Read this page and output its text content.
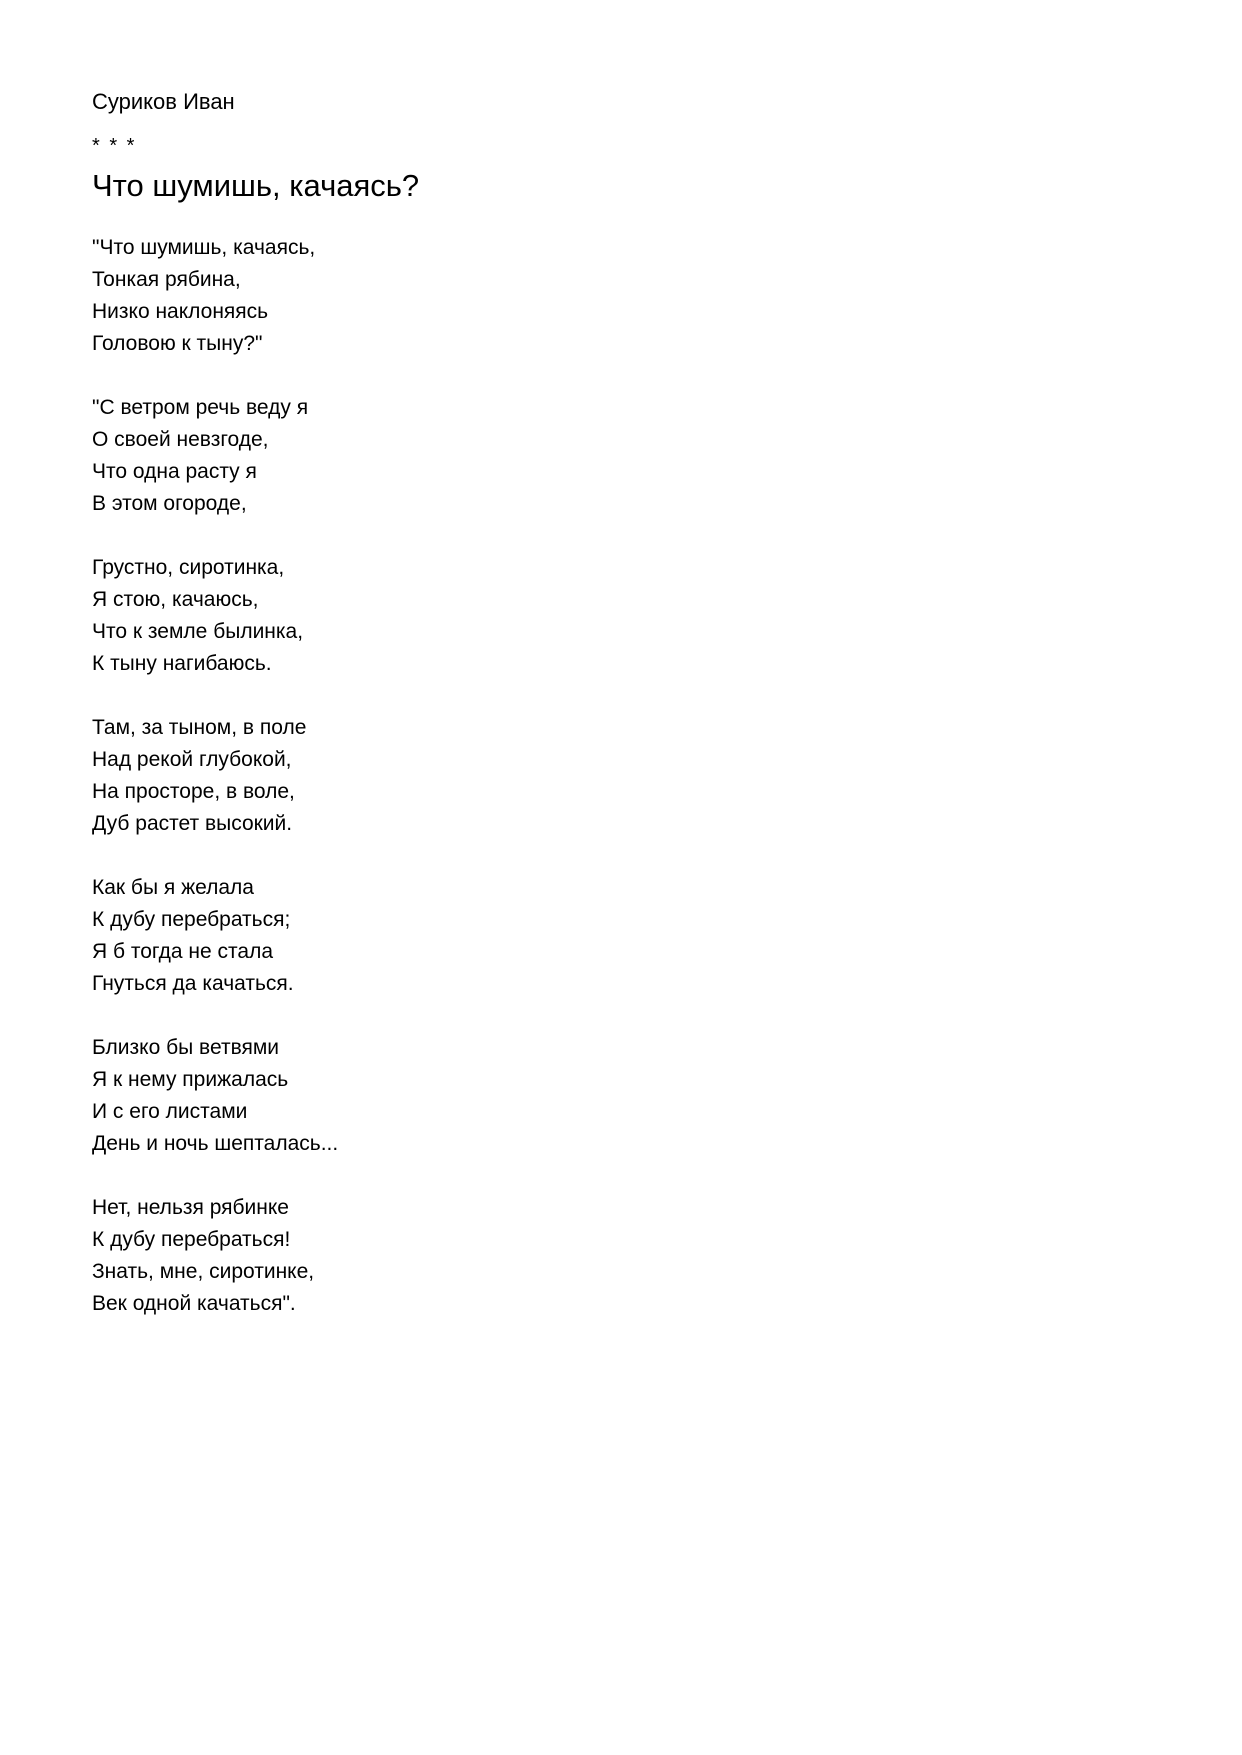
Суриков Иван

* * *

Что шумишь, качаясь?
"Что шумишь, качаясь,
Тонкая рябина,
Низко наклоняясь
Головою к тыну?"
"С ветром речь веду я
О своей невзгоде,
Что одна расту я
В этом огороде,
Грустно, сиротинка,
Я стою, качаюсь,
Что к земле былинка,
К тыну нагибаюсь.
Там, за тыном, в поле
Над рекой глубокой,
На просторе, в воле,
Дуб растет высокий.
Как бы я желала
К дубу перебраться;
Я б тогда не стала
Гнуться да качаться.
Близко бы ветвями
Я к нему прижалась
И с его листами
День и ночь шепталась...
Нет, нельзя рябинке
К дубу перебраться!
Знать, мне, сиротинке,
Век одной качаться".
